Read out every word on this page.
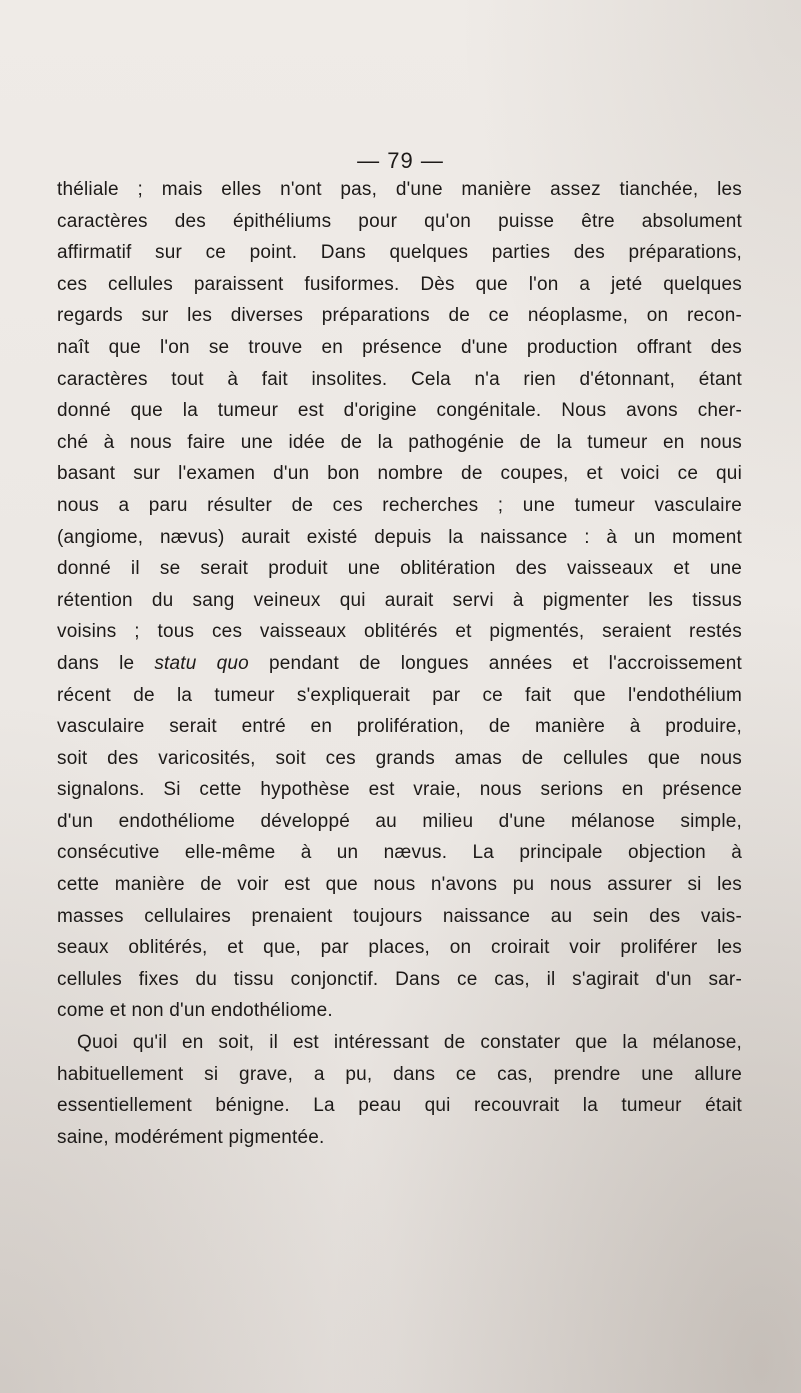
— 79 —
théliale ; mais elles n'ont pas, d'une manière assez tianchée, les
caractères des épithéliums pour qu'on puisse être absolument
affirmatif sur ce point. Dans quelques parties des préparations,
ces cellules paraissent fusiformes. Dès que l'on a jeté quelques
regards sur les diverses préparations de ce néoplasme, on recon-
naît que l'on se trouve en présence d'une production offrant des
caractères tout à fait insolites. Cela n'a rien d'étonnant, étant
donné que la tumeur est d'origine congénitale. Nous avons cher-
ché à nous faire une idée de la pathogénie de la tumeur en nous
basant sur l'examen d'un bon nombre de coupes, et voici ce qui
nous a paru résulter de ces recherches ; une tumeur vasculaire
(angiome, nævus) aurait existé depuis la naissance : à un moment
donné il se serait produit une oblitération des vaisseaux et une
rétention du sang veineux qui aurait servi à pigmenter les tissus
voisins ; tous ces vaisseaux oblitérés et pigmentés, seraient restés
dans le statu quo pendant de longues années et l'accroissement
récent de la tumeur s'expliquerait par ce fait que l'endothélium
vasculaire serait entré en prolifération, de manière à produire,
soit des varicosités, soit ces grands amas de cellules que nous
signalons. Si cette hypothèse est vraie, nous serions en présence
d'un endothéliome développé au milieu d'une mélanose simple,
consécutive elle-même à un nævus. La principale objection à
cette manière de voir est que nous n'avons pu nous assurer si les
masses cellulaires prenaient toujours naissance au sein des vais-
seaux oblitérés, et que, par places, on croirait voir proliférer les
cellules fixes du tissu conjonctif. Dans ce cas, il s'agirait d'un sar-
come et non d'un endothéliome.
Quoi qu'il en soit, il est intéressant de constater que la mélanose,
habituellement si grave, a pu, dans ce cas, prendre une allure
essentiellement bénigne. La peau qui recouvrait la tumeur était
saine, modérément pigmentée.
